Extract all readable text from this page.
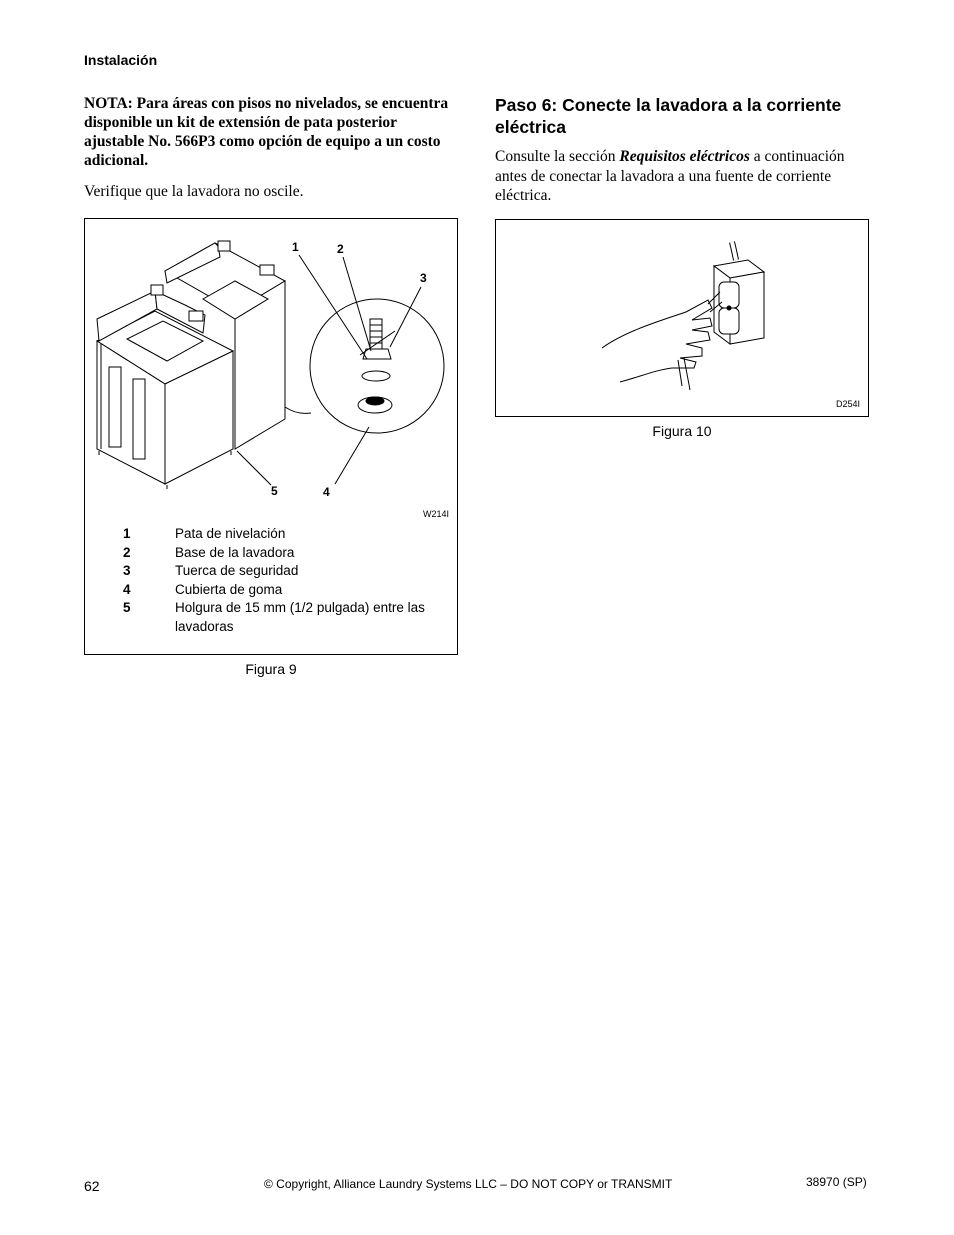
Instalación
NOTA: Para áreas con pisos no nivelados, se encuentra disponible un kit de extensión de pata posterior ajustable No. 566P3 como opción de equipo a un costo adicional.
Verifique que la lavadora no oscile.
1	2
3
4
5
W214I
1	Pata de nivelación
2	Base de la lavadora
3	Tuerca de seguridad
4	Cubierta de goma
5	Holgura de 15 mm (1/2 pulgada) entre las lavadoras
Figura 9
Paso 6: Conecte la lavadora a la corriente eléctrica
Consulte la sección Requisitos eléctricos a continuación antes de conectar la lavadora a una fuente de corriente eléctrica.
D254I
Figura 10
62	© Copyright, Alliance Laundry Systems LLC – DO NOT COPY or TRANSMIT	38970 (SP)
